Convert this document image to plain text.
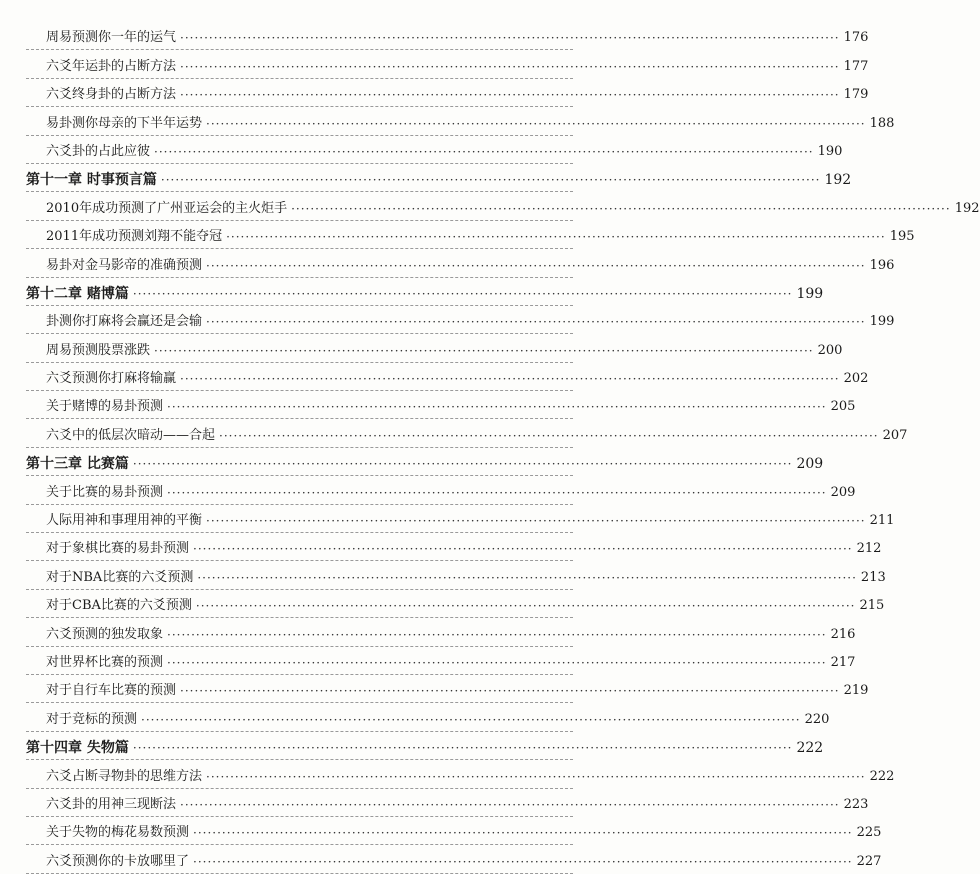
周易预测你一年的运气 ········································································································································· 176
六爻年运卦的占断方法 ········································································································································· 177
六爻终身卦的占断方法 ········································································································································· 179
易卦测你母亲的下半年运势 ········································································································································· 188
六爻卦的占此应彼 ········································································································································· 190
第十一章 时事预言篇 ········································································································································· 192
2010年成功预测了广州亚运会的主火炬手 ········································································································································· 192
2011年成功预测刘翔不能夺冠 ········································································································································· 195
易卦对金马影帝的准确预测 ········································································································································· 196
第十二章 赌博篇 ········································································································································· 199
卦测你打麻将会赢还是会输 ········································································································································· 199
周易预测股票涨跌 ········································································································································· 200
六爻预测你打麻将输赢 ········································································································································· 202
关于赌博的易卦预测 ········································································································································· 205
六爻中的低层次暗动——合起 ········································································································································· 207
第十三章 比赛篇 ········································································································································· 209
关于比赛的易卦预测 ········································································································································· 209
人际用神和事理用神的平衡 ········································································································································· 211
对于象棋比赛的易卦预测 ········································································································································· 212
对于NBA比赛的六爻预测 ········································································································································· 213
对于CBA比赛的六爻预测 ········································································································································· 215
六爻预测的独发取象 ········································································································································· 216
对世界杯比赛的预测 ········································································································································· 217
对于自行车比赛的预测 ········································································································································· 219
对于竞标的预测 ········································································································································· 220
第十四章 失物篇 ········································································································································· 222
六爻占断寻物卦的思维方法 ········································································································································· 222
六爻卦的用神三现断法 ········································································································································· 223
关于失物的梅花易数预测 ········································································································································· 225
六爻预测你的卡放哪里了 ········································································································································· 227
